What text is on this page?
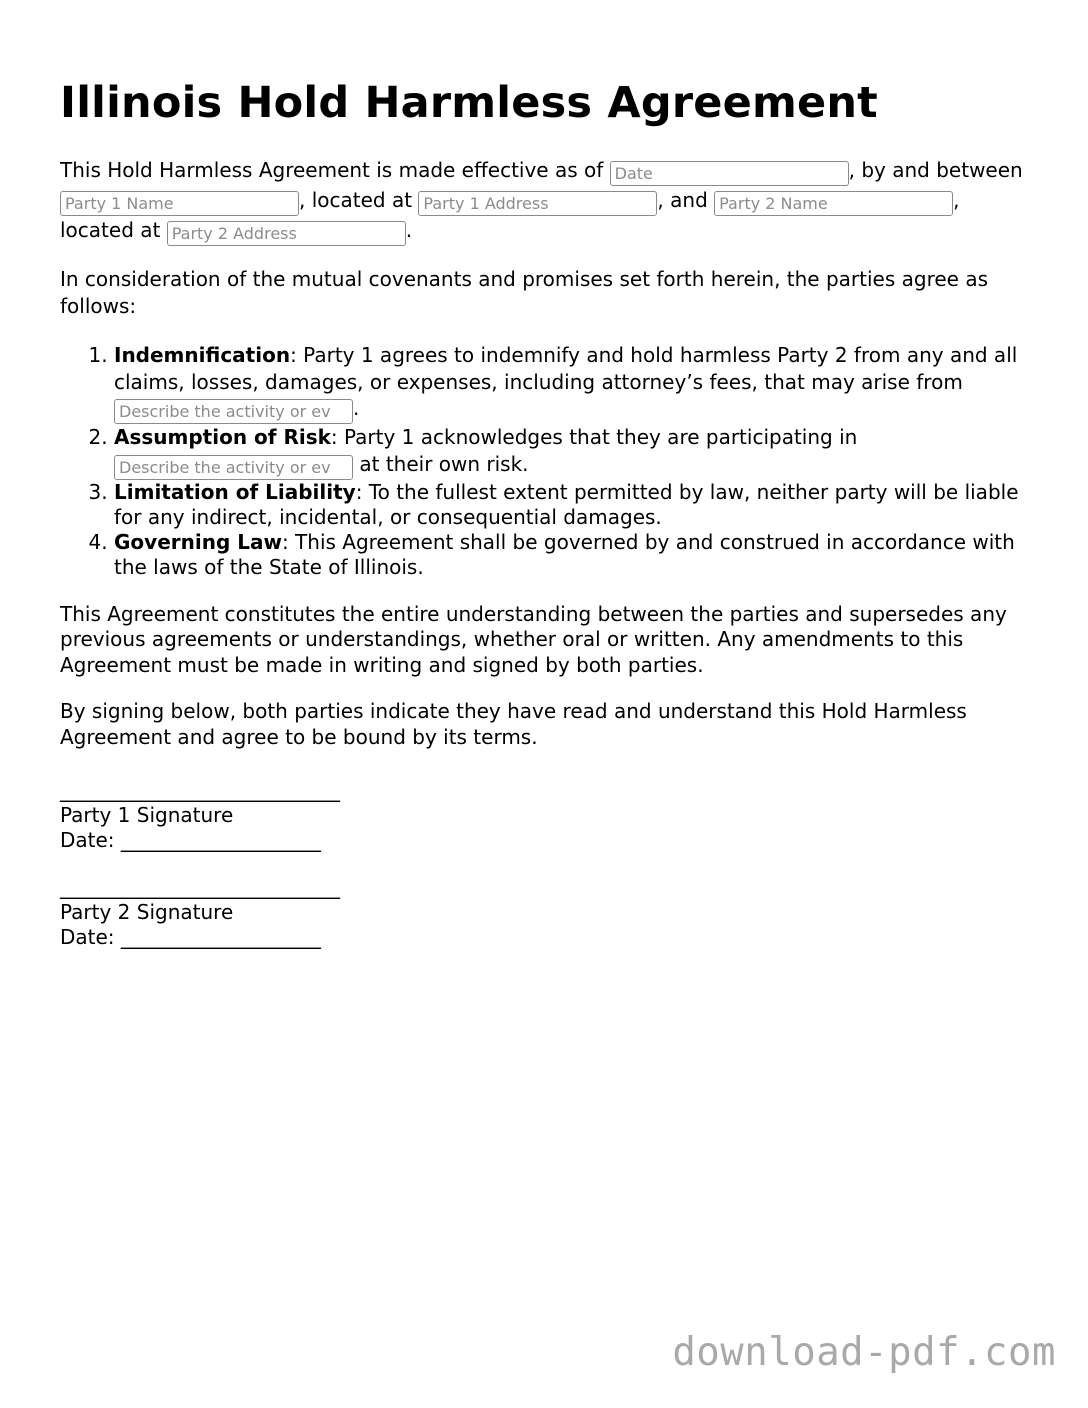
Illinois Hold Harmless Agreement

This Hold Harmless Agreement is made effective as of Date	, by and between Party 1 Name, located at Party 1 Address	, and Party 2 Name	, located at Party 2 Address	.

In consideration of the mutual covenants and promises set forth herein, the parties agree as follows:

1. Indemnification: Party 1 agrees to indemnify and hold harmless Party 2 from any and all claims, losses, damages, or expenses, including attorney’s fees, that may arise from Describe the activity or ev.
2. Assumption of Risk: Party 1 acknowledges that they are participating in Describe the activity or ev at their own risk.
3. Limitation of Liability: To the fullest extent permitted by law, neither party will be liable for any indirect, incidental, or consequential damages.
4. Governing Law: This Agreement shall be governed by and construed in accordance with the laws of the State of Illinois.

This Agreement constitutes the entire understanding between the parties and supersedes any previous agreements or understandings, whether oral or written. Any amendments to this Agreement must be made in writing and signed by both parties.

By signing below, both parties indicate they have read and understand this Hold Harmless Agreement and agree to be bound by its terms.

____________________________
Party 1 Signature
Date: ____________________
____________________________
Party 2 Signature
Date: ____________________
download-pdf.com
